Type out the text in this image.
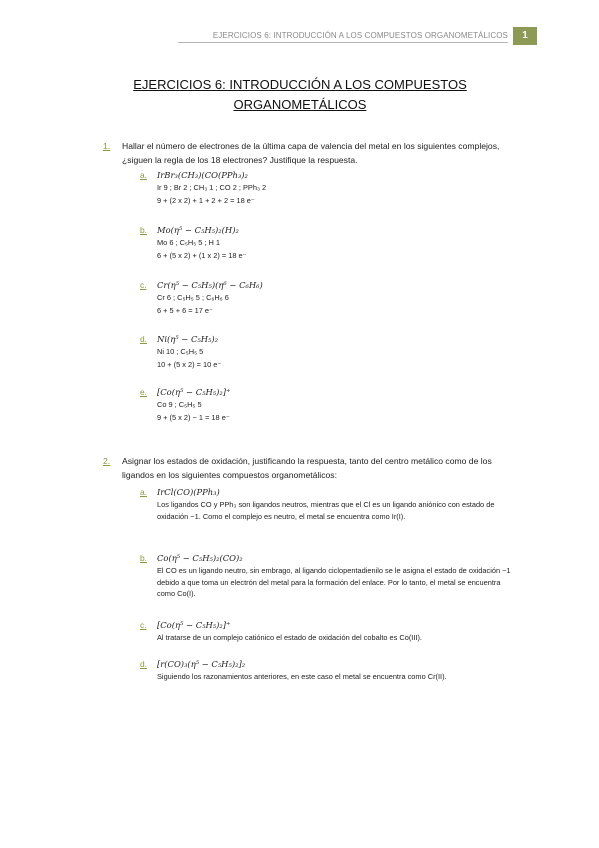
EJERCICIOS 6: INTRODUCCIÓN A LOS COMPUESTOS ORGANOMETÁLICOS	1
EJERCICIOS 6: INTRODUCCIÓN A LOS COMPUESTOS
ORGANOMETÁLICOS
1. Hallar el número de electrones de la última capa de valencia del metal en los siguientes complejos, ¿siguen la regla de los 18 electrones? Justifique la respuesta.
a. IrBr₃(CH₃)(CO(PPh₃)₂
Ir 9 ; Br 2 ; CH₃ 1 ; CO 2 ; PPh₃ 2
9 + (2 x 2) + 1 + 2 + 2 = 18 e⁻
b. Mo(η⁵ − C₅H₅)₂(H)₂
Mo 6 ; C₅H₅ 5 ; H 1
6 + (5 x 2) + (1 x 2) = 18 e⁻
c. Cr(η⁵ − C₅H₅)(η⁶ − C₆H₆)
Cr 6 ; C₅H₅ 5 ; C₆H₆ 6
6 + 5 + 6 = 17 e⁻
d. Ni(η⁵ − C₅H₅)₂
Ni 10 ; C₅H₅ 5
10 + (5 x 2) = 10 e⁻
e. [Co(η⁵ − C₅H₅)₂]⁺
Co 9 ; C₅H₅ 5
9 + (5 x 2) − 1 = 18 e⁻
2. Asignar los estados de oxidación, justificando la respuesta, tanto del centro metálico como de los ligandos en los siguientes compuestos organometálicos:
a. IrCl(CO)(PPh₃)
Los ligandos CO y PPh₃ son ligandos neutros, mientras que el Cl es un ligando aniónico con estado de oxidación −1. Como el complejo es neutro, el metal se encuentra como Ir(I).
b. Co(η⁵ − C₅H₅)₂(CO)₂
El CO es un ligando neutro, sin embrago, al ligando ciclopentadienilo se le asigna el estado de oxidación −1 debido a que toma un electrón del metal para la formación del enlace. Por lo tanto, el metal se encuentra como Co(I).
c. [Co(η⁵ − C₅H₅)₂]⁺
Al tratarse de un complejo catiónico el estado de oxidación del cobalto es Co(III).
d. [r(CO)₃(η⁵ − C₅H₅)₂]₂
Siguiendo los razonamientos anteriores, en este caso el metal se encuentra como Cr(II).
